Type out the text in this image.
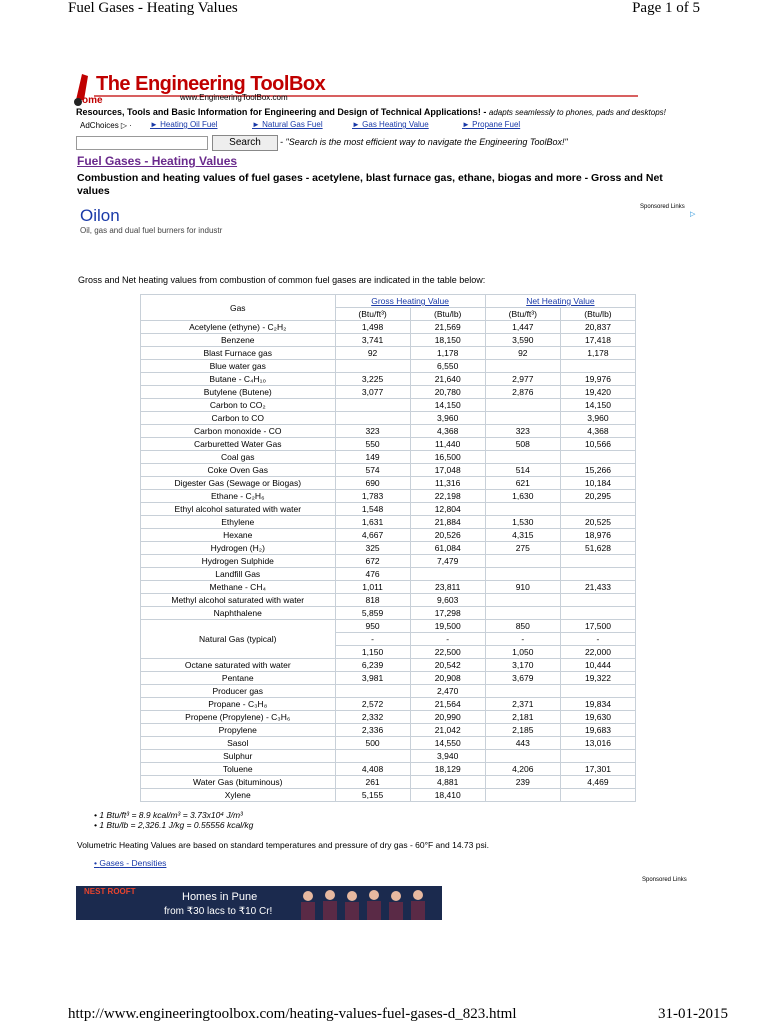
Fuel Gases - Heating Values	Page 1 of 5
http://www.engineeringtoolbox.com/heating-values-fuel-gases-d_823.html	31-01-2015
The Engineering ToolBox
ome	www.EngineeringToolBox.com
Resources, Tools and Basic Information for Engineering and Design of Technical Applications! - adapts seamlessly to phones, pads and desktops!
AdChoices ▷ · ► Heating Oil Fuel	► Natural Gas Fuel	► Gas Heating Value	► Propane Fuel
Search	- "Search is the most efficient way to navigate the Engineering ToolBox!"
Fuel Gases - Heating Values
Combustion and heating values of fuel gases - acetylene, blast furnace gas, ethane, biogas and more - Gross and Net values
Sponsored Links
Oilon
Oil, gas and dual fuel burners for industr
▷
Gross and Net heating values from combustion of common fuel gases are indicated in the table below:
Gas	Gross Heating Value		Net Heating Value	
	(Btu/ft³)	(Btu/lb)	(Btu/ft³)	(Btu/lb)
Acetylene (ethyne) - C₂H₂	1,498	21,569	1,447	20,837
Benzene	3,741	18,150	3,590	17,418
Blast Furnace gas	92	1,178	92	1,178
Blue water gas		6,550		
Butane - C₄H₁₀	3,225	21,640	2,977	19,976
Butylene (Butene)	3,077	20,780	2,876	19,420
Carbon to CO₂		14,150		14,150
Carbon to CO		3,960		3,960
Carbon monoxide - CO	323	4,368	323	4,368
Carburetted Water Gas	550	11,440	508	10,566
Coal gas	149	16,500		
Coke Oven Gas	574	17,048	514	15,266
Digester Gas (Sewage or Biogas)	690	11,316	621	10,184
Ethane - C₂H₆	1,783	22,198	1,630	20,295
Ethyl alcohol saturated with water	1,548	12,804		
Ethylene	1,631	21,884	1,530	20,525
Hexane	4,667	20,526	4,315	18,976
Hydrogen (H₂)	325	61,084	275	51,628
Hydrogen Sulphide	672	7,479		
Landfill Gas	476			
Methane - CH₄	1,011	23,811	910	21,433
Methyl alcohol saturated with water	818	9,603		
Naphthalene	5,859	17,298		
Natural Gas (typical)	950	19,500	850	17,500
	-	-	-	-
	1,150	22,500	1,050	22,000
Octane saturated with water	6,239	20,542	3,170	10,444
Pentane	3,981	20,908	3,679	19,322
Producer gas		2,470		
Propane - C₃H₈	2,572	21,564	2,371	19,834
Propene (Propylene) - C₃H₆	2,332	20,990	2,181	19,630
Propylene	2,336	21,042	2,185	19,683
Sasol	500	14,550	443	13,016
Sulphur		3,940		
Toluene	4,408	18,129	4,206	17,301
Water Gas (bituminous)	261	4,881	239	4,469
Xylene	5,155	18,410		
• 1 Btu/ft³ = 8.9 kcal/m³ = 3.73x10⁴ J/m³
• 1 Btu/lb = 2,326.1 J/kg = 0.55556 kcal/kg
Volumetric Heating Values are based on standard temperatures and pressure of dry gas - 60°F and 14.73 psi.
• Gases - Densities
Sponsored Links
NEST ROOFT	Homes in Pune
from ₹30 lacs to ₹10 Cr!
